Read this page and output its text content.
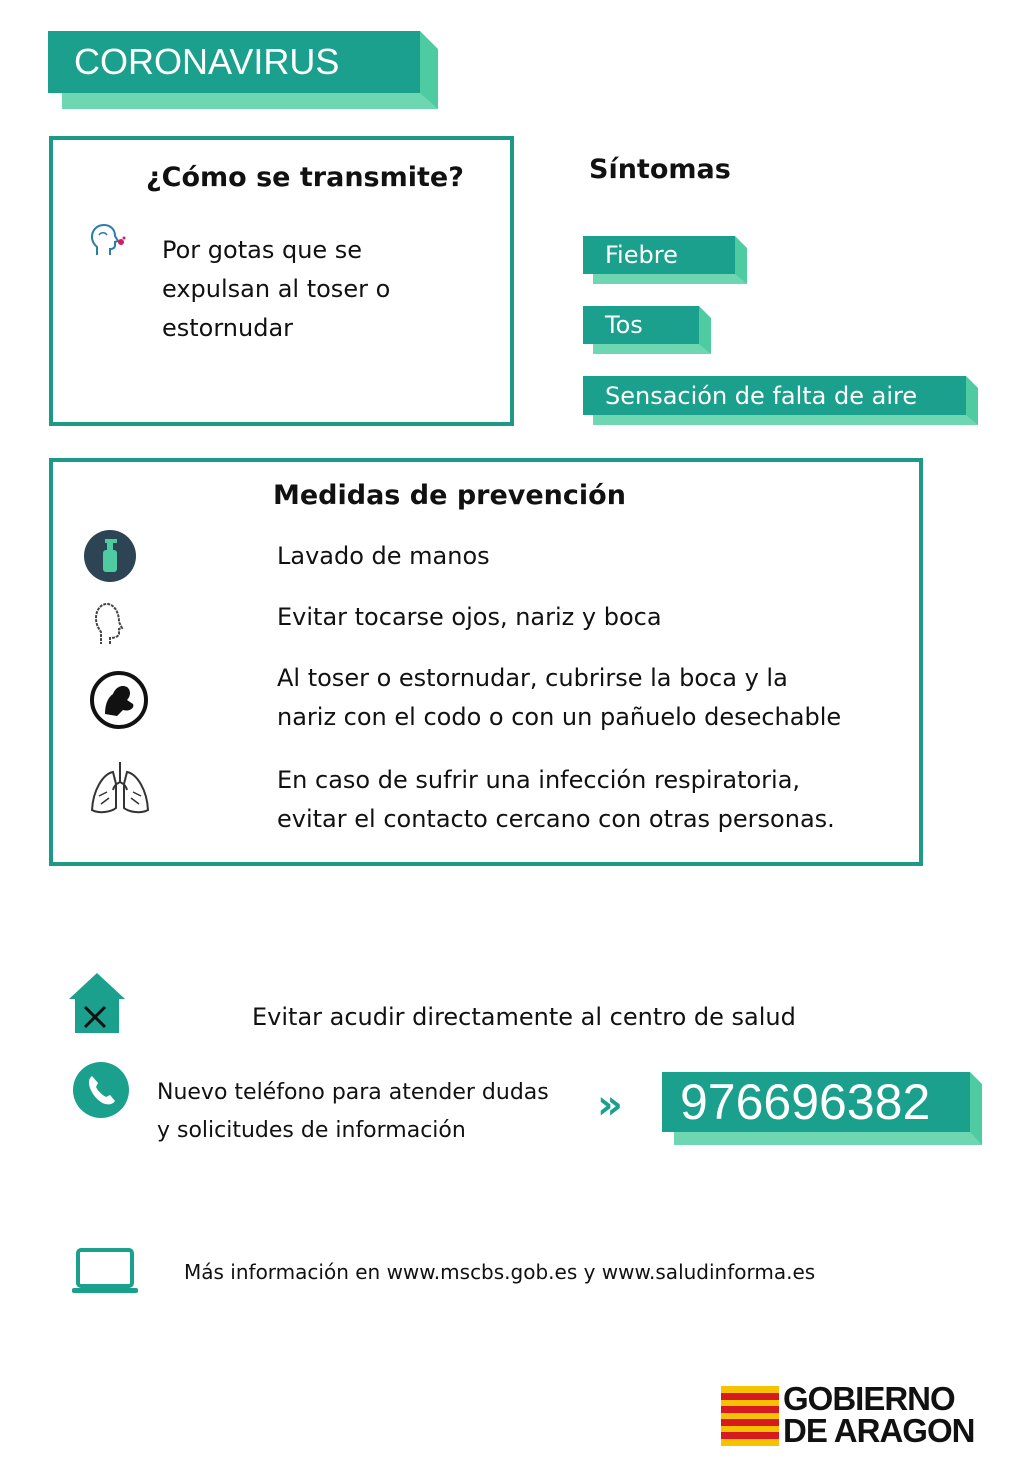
CORONAVIRUS
¿Cómo se transmite?
Por gotas que se
expulsan al toser o
estornudar
Síntomas
Fiebre
Tos
Sensación de falta de aire
Medidas de prevención
Lavado de manos
Evitar tocarse ojos, nariz y boca
Al toser o estornudar, cubrirse la boca y la
nariz con el codo o con un pañuelo desechable
En caso de sufrir una infección respiratoria,
evitar el contacto cercano con otras personas.
Evitar acudir directamente al centro de salud
Nuevo teléfono para atender dudas
y solicitudes de información
» 976696382
Más información en www.mscbs.gob.es y www.saludinforma.es
GOBIERNO
DE ARAGON
